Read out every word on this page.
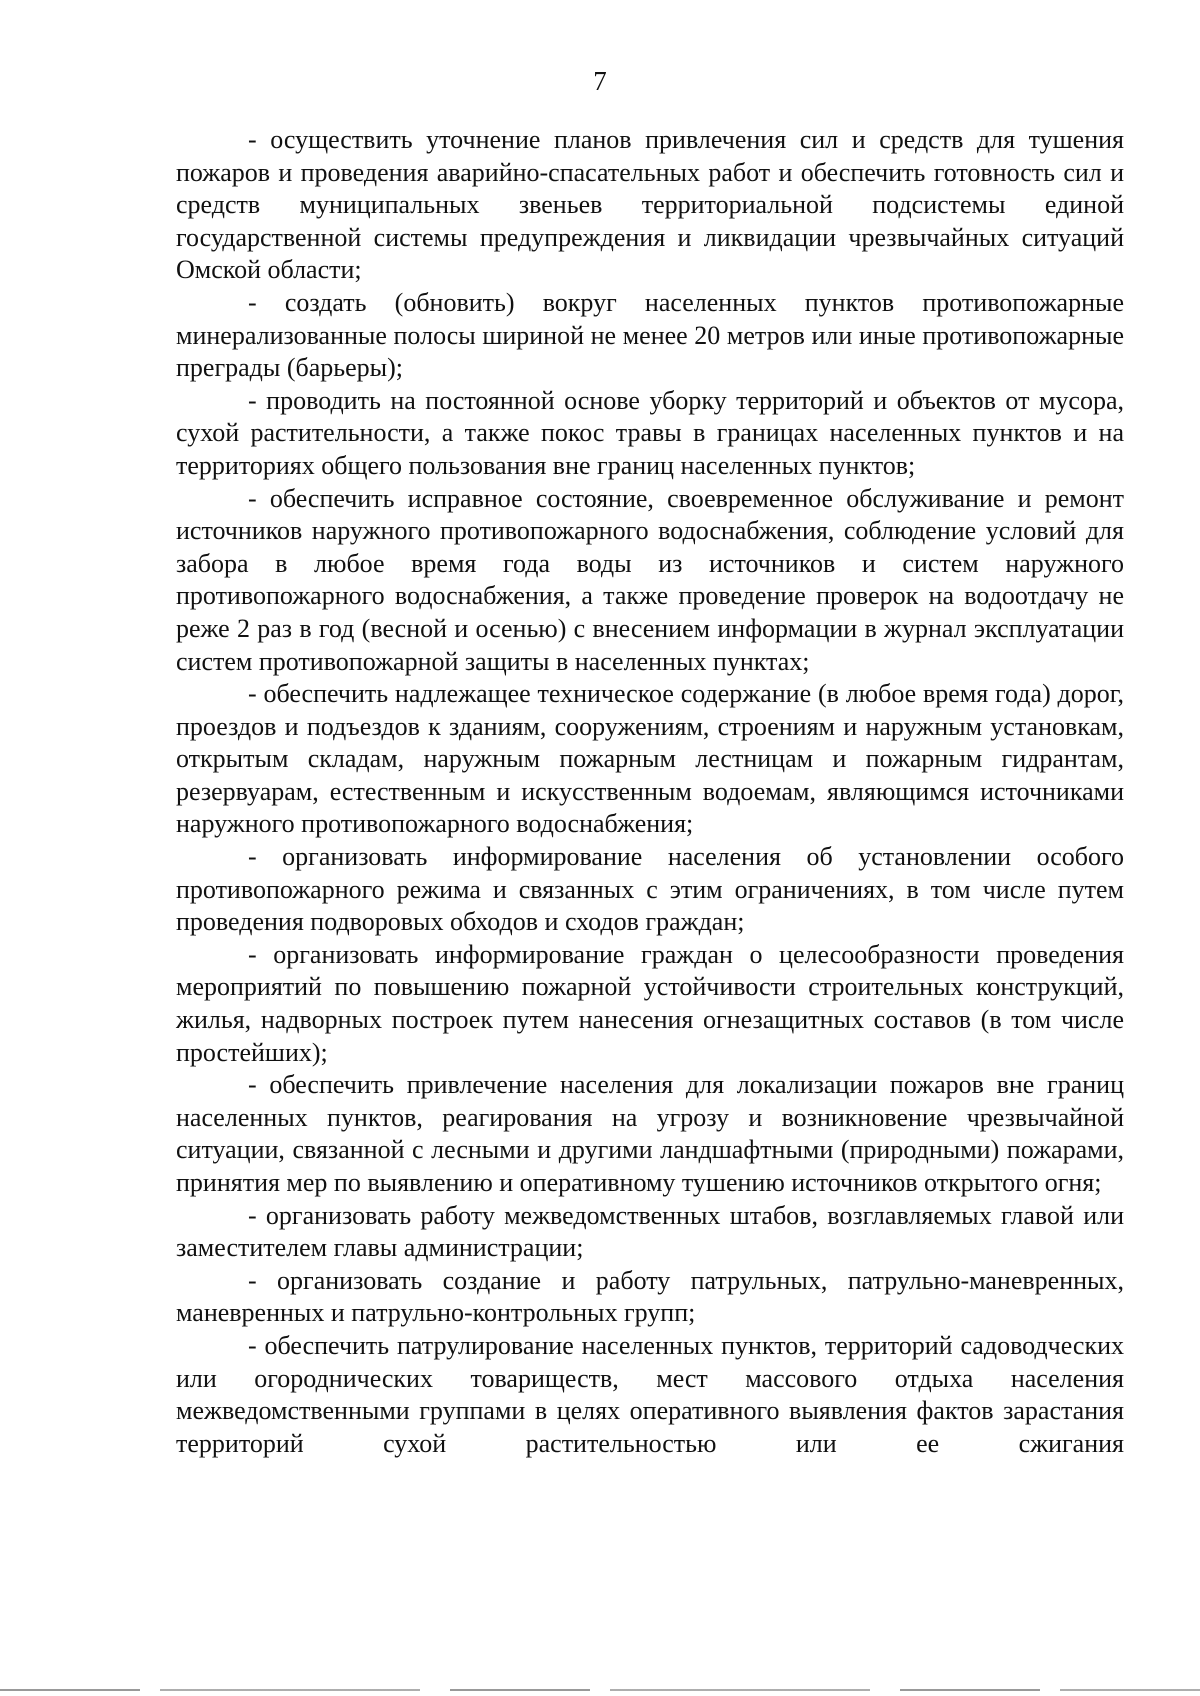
7

- осуществить уточнение планов привлечения сил и средств для тушения пожаров и проведения аварийно-спасательных работ и обеспечить готовность сил и средств муниципальных звеньев территориальной подсистемы единой государственной системы предупреждения и ликвидации чрезвычайных ситуаций Омской области;

- создать (обновить) вокруг населенных пунктов противопожарные минерализованные полосы шириной не менее 20 метров или иные противопожарные преграды (барьеры);

- проводить на постоянной основе уборку территорий и объектов от мусора, сухой растительности, а также покос травы в границах населенных пунктов и на территориях общего пользования вне границ населенных пунктов;

- обеспечить исправное состояние, своевременное обслуживание и ремонт источников наружного противопожарного водоснабжения, соблюдение условий для забора в любое время года воды из источников и систем наружного противопожарного водоснабжения, а также проведение проверок на водоотдачу не реже 2 раз в год (весной и осенью) с внесением информации в журнал эксплуатации систем противопожарной защиты в населенных пунктах;

- обеспечить надлежащее техническое содержание (в любое время года) дорог, проездов и подъездов к зданиям, сооружениям, строениям и наружным установкам, открытым складам, наружным пожарным лестницам и пожарным гидрантам, резервуарам, естественным и искусственным водоемам, являющимся источниками наружного противопожарного водоснабжения;

- организовать информирование населения об установлении особого противопожарного режима и связанных с этим ограничениях, в том числе путем проведения подворовых обходов и сходов граждан;

- организовать информирование граждан о целесообразности проведения мероприятий по повышению пожарной устойчивости строительных конструкций, жилья, надворных построек путем нанесения огнезащитных составов (в том числе простейших);

- обеспечить привлечение населения для локализации пожаров вне границ населенных пунктов, реагирования на угрозу и возникновение чрезвычайной ситуации, связанной с лесными и другими ландшафтными (природными) пожарами, принятия мер по выявлению и оперативному тушению источников открытого огня;

- организовать работу межведомственных штабов, возглавляемых главой или заместителем главы администрации;

- организовать создание и работу патрульных, патрульно-маневренных, маневренных и патрульно-контрольных групп;

- обеспечить патрулирование населенных пунктов, территорий садоводческих или огороднических товариществ, мест массового отдыха населения межведомственными группами в целях оперативного выявления фактов зарастания территорий сухой растительностью или ее сжигания
